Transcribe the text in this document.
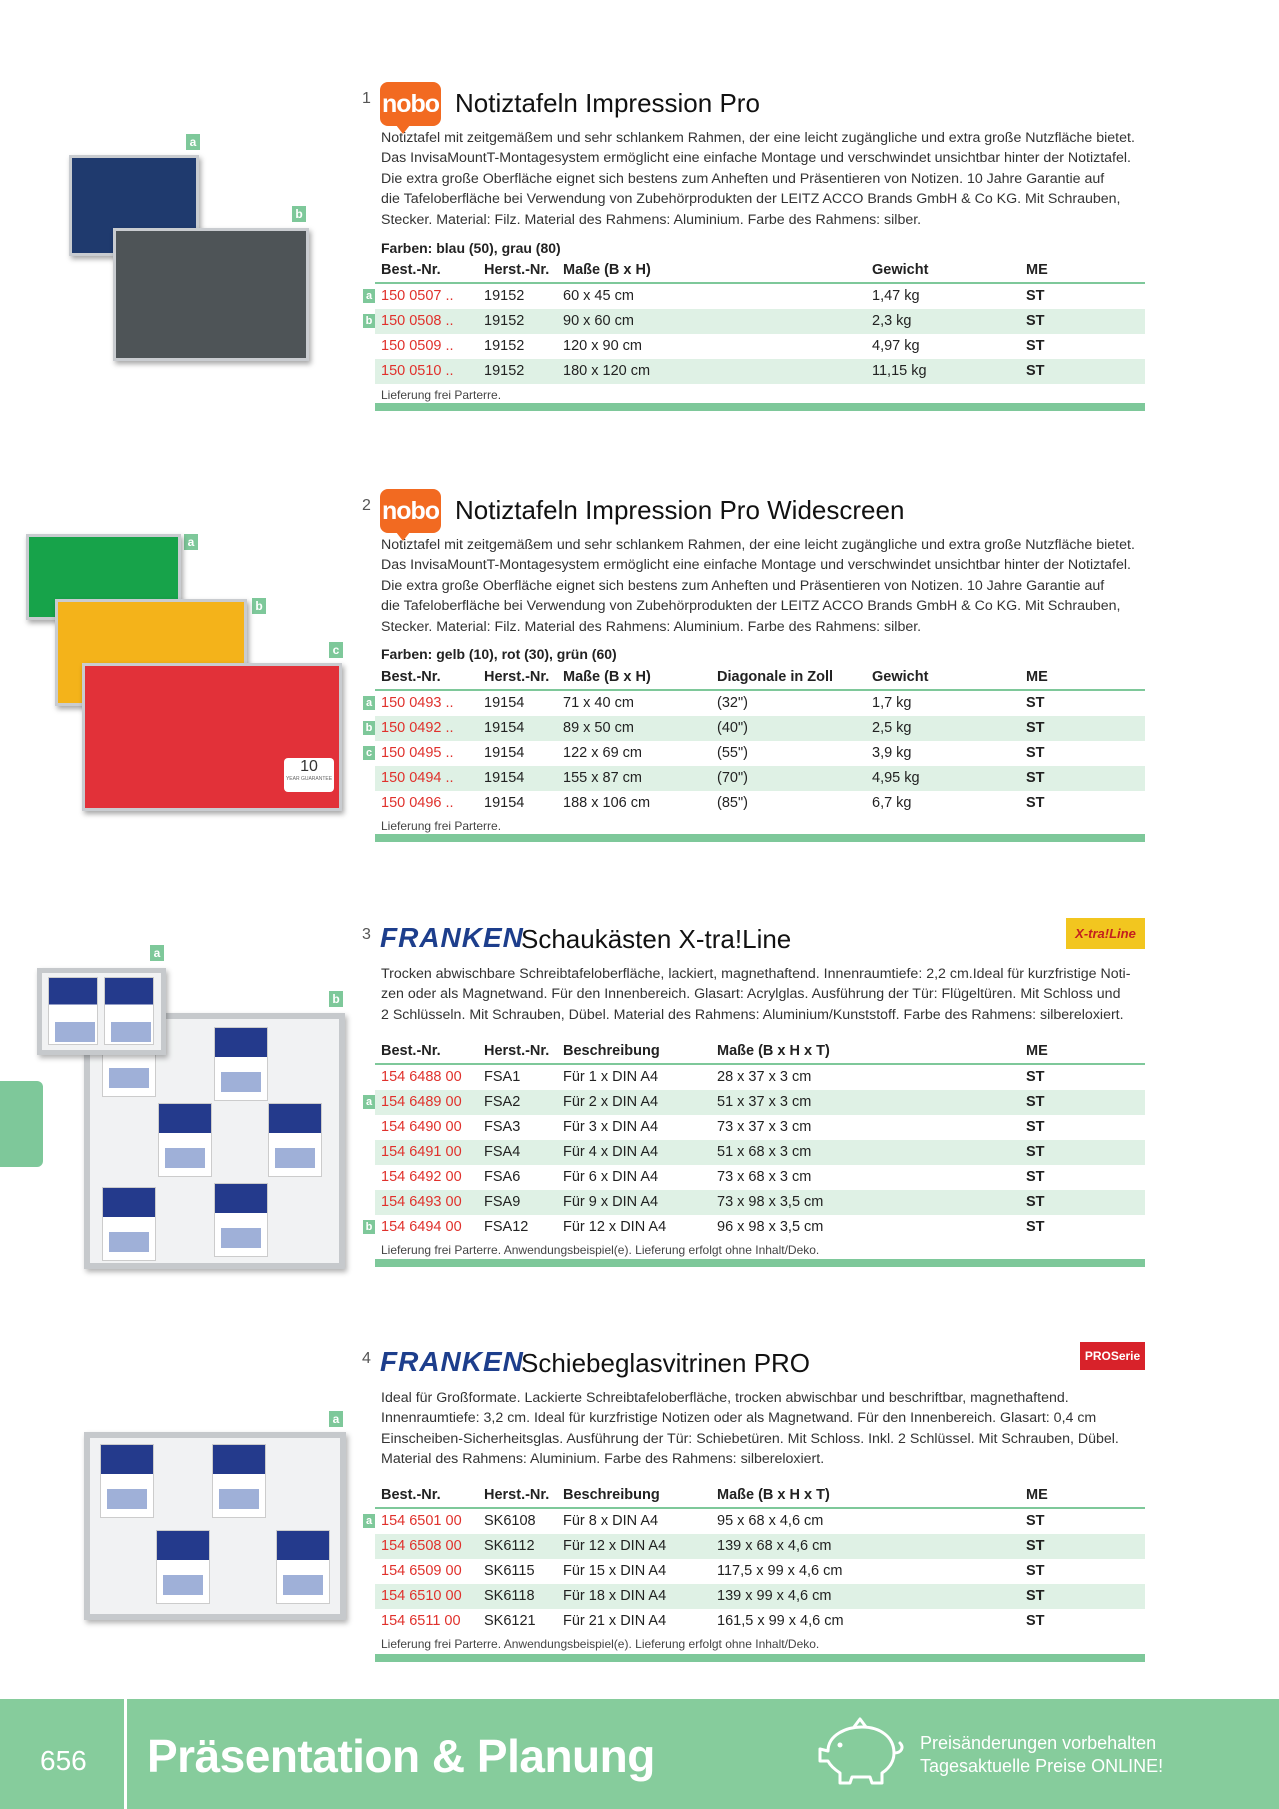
1 nobo Notiztafeln Impression Pro
Notiztafel mit zeitgemäßem und sehr schlankem Rahmen, der eine leicht zugängliche und extra große Nutzfläche bietet.
Das InvisaMountT-Montagesystem ermöglicht eine einfache Montage und verschwindet unsichtbar hinter der Notiztafel.
Die extra große Oberfläche eignet sich bestens zum Anheften und Präsentieren von Notizen. 10 Jahre Garantie auf
die Tafeloberfläche bei Verwendung von Zubehörprodukten der LEITZ ACCO Brands GmbH & Co KG. Mit Schrauben,
Stecker. Material: Filz. Material des Rahmens: Aluminium. Farbe des Rahmens: silber.
Farben: blau (50), grau (80)
Best.-Nr.	Herst.-Nr. Maße (B x H)	Gewicht	ME
a 150 0507 .. 19152	60 x 45 cm	1,47 kg	ST
b 150 0508 .. 19152	90 x 60 cm	2,3 kg	ST
150 0509 .. 19152	120 x 90 cm	4,97 kg	ST
150 0510 .. 19152	180 x 120 cm	11,15 kg	ST
Lieferung frei Parterre.
a
b
2 nobo Notiztafeln Impression Pro Widescreen
Notiztafel mit zeitgemäßem und sehr schlankem Rahmen, der eine leicht zugängliche und extra große Nutzfläche bietet.
Das InvisaMountT-Montagesystem ermöglicht eine einfache Montage und verschwindet unsichtbar hinter der Notiztafel.
Die extra große Oberfläche eignet sich bestens zum Anheften und Präsentieren von Notizen. 10 Jahre Garantie auf
die Tafeloberfläche bei Verwendung von Zubehörprodukten der LEITZ ACCO Brands GmbH & Co KG. Mit Schrauben,
Stecker. Material: Filz. Material des Rahmens: Aluminium. Farbe des Rahmens: silber.
Farben: gelb (10), rot (30), grün (60)
Best.-Nr.	Herst.-Nr. Maße (B x H)	Diagonale in Zoll	Gewicht	ME
a 150 0493 .. 19154	71 x 40 cm	(32")	1,7 kg	ST
b 150 0492 .. 19154	89 x 50 cm	(40")	2,5 kg	ST
c 150 0495 .. 19154	122 x 69 cm	(55")	3,9 kg	ST
150 0494 .. 19154	155 x 87 cm	(70")	4,95 kg	ST
150 0496 .. 19154	188 x 106 cm	(85")	6,7 kg	ST
Lieferung frei Parterre.
a
b
c
10
YEAR GUARANTEE
3 FRANKEN
Schaukästen X-tra!Line	X-tra!Line
Trocken abwischbare Schreibtafeloberfläche, lackiert, magnethaftend. Innenraumtiefe: 2,2 cm.Ideal für kurzfristige Noti-
zen oder als Magnetwand. Für den Innenbereich. Glasart: Acrylglas. Ausführung der Tür: Flügeltüren. Mit Schloss und
2 Schlüsseln. Mit Schrauben, Dübel. Material des Rahmens: Aluminium/Kunststoff. Farbe des Rahmens: silbereloxiert.
Best.-Nr.	Herst.-Nr. Beschreibung	Maße (B x H x T)	ME
154 6488 00 FSA1	Für 1 x DIN A4	28 x 37 x 3 cm	ST
a 154 6489 00 FSA2	Für 2 x DIN A4	51 x 37 x 3 cm	ST
154 6490 00 FSA3	Für 3 x DIN A4	73 x 37 x 3 cm	ST
154 6491 00 FSA4	Für 4 x DIN A4	51 x 68 x 3 cm	ST
154 6492 00 FSA6	Für 6 x DIN A4	73 x 68 x 3 cm	ST
154 6493 00 FSA9	Für 9 x DIN A4	73 x 98 x 3,5 cm	ST
b 154 6494 00 FSA12 Für 12 x DIN A4	96 x 98 x 3,5 cm	ST
Lieferung frei Parterre. Anwendungsbeispiel(e). Lieferung erfolgt ohne Inhalt/Deko.
a
b
4 FRANKEN
Schiebeglasvitrinen PRO	PROSerie
Ideal für Großformate. Lackierte Schreibtafeloberfläche, trocken abwischbar und beschriftbar, magnethaftend.
Innenraumtiefe: 3,2 cm. Ideal für kurzfristige Notizen oder als Magnetwand. Für den Innenbereich. Glasart: 0,4 cm
Einscheiben-Sicherheitsglas. Ausführung der Tür: Schiebetüren. Mit Schloss. Inkl. 2 Schlüssel. Mit Schrauben, Dübel.
Material des Rahmens: Aluminium. Farbe des Rahmens: silbereloxiert.
Best.-Nr.	Herst.-Nr. Beschreibung	Maße (B x H x T)	ME
a 154 6501 00 SK6108 Für 8 x DIN A4	95 x 68 x 4,6 cm	ST
154 6508 00 SK6112 Für 12 x DIN A4	139 x 68 x 4,6 cm	ST
154 6509 00 SK6115 Für 15 x DIN A4	117,5 x 99 x 4,6 cm	ST
154 6510 00 SK6118 Für 18 x DIN A4	139 x 99 x 4,6 cm	ST
154 6511 00 SK6121 Für 21 x DIN A4	161,5 x 99 x 4,6 cm	ST
Lieferung frei Parterre. Anwendungsbeispiel(e). Lieferung erfolgt ohne Inhalt/Deko.
a
656 Präsentation & Planung	Preisänderungen vorbehalten
Tagesaktuelle Preise ONLINE!
